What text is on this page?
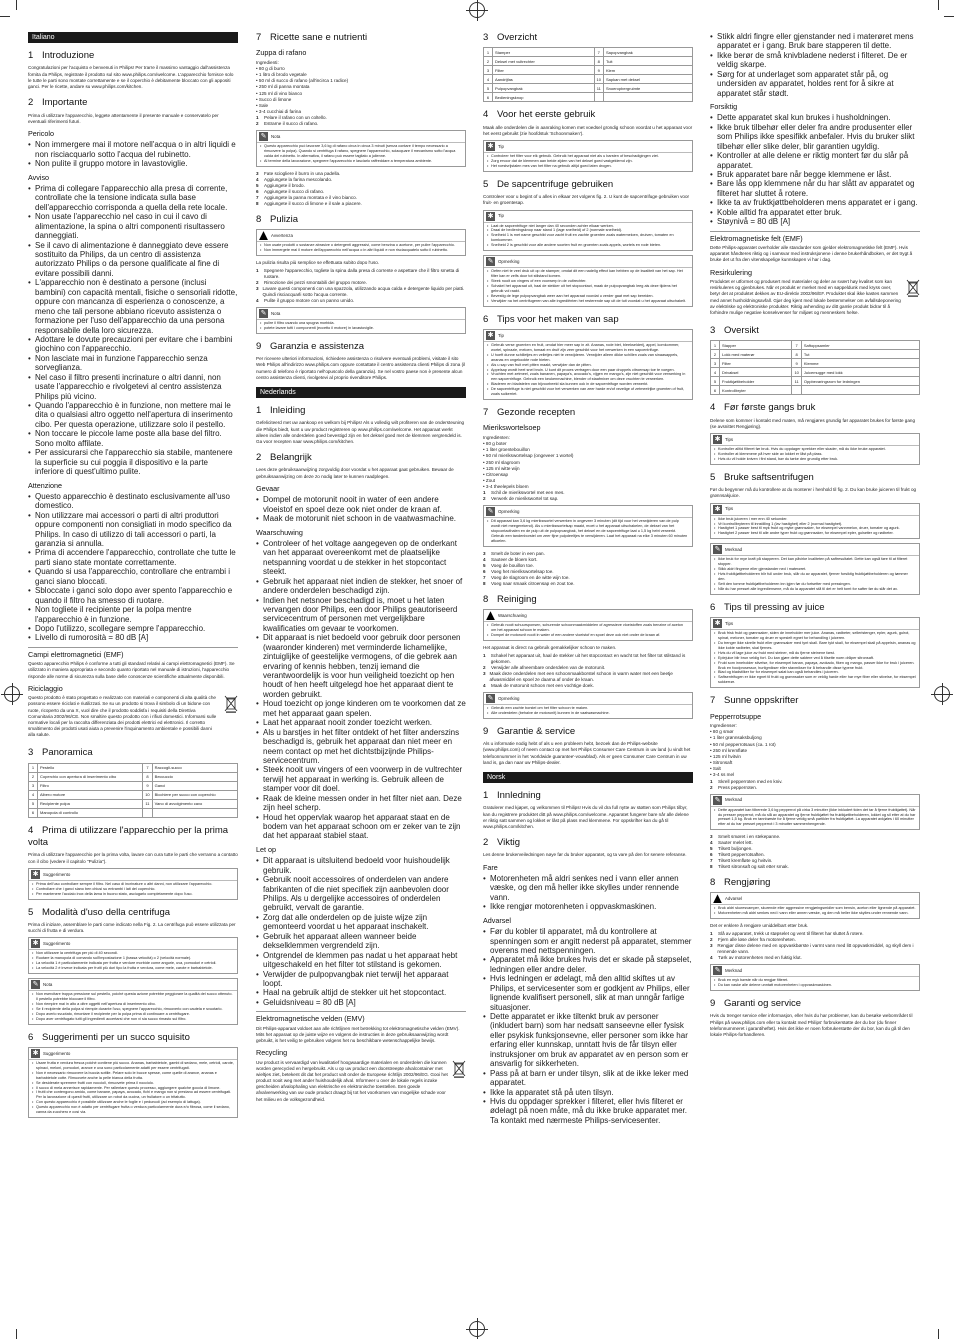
Italiano
1 Introduzione

Congratulazioni per l'acquisto e benvenuti in Philips! Per trarre il massimo vantaggio dall'assistenza fornita da Philips, registrate il prodotto sul sito www.philips.com/welcome. L'apparecchio fornisce solo le tutte le parti sono montate correttamente e se il coperchio è debitamente bloccato con gli appositi ganci. Per le ricette, andare su www.philips.com/kitchen.

2 Importante

Prima di utilizzare l'apparecchio, leggete attentamente il presente manuale e conservatelo per eventuali riferimenti futuri.

Pericolo
• Non immergere mai il motore nell'acqua o in altri liquidi e non risciacquarlo sotto l'acqua del rubinetto.
• Non pulite il gruppo motore in lavastoviglie.
Avviso
• Prima di collegare l'apparecchio alla presa di corrente, controllate che la tensione indicata sulla base dell'apparecchio corrisponda a quella della rete locale.
• Non usate l'apparecchio nel caso in cui il cavo di alimentazione, la spina o altri componenti risultassero danneggiati.
• Se il cavo di alimentazione è danneggiato deve essere sostituito da Philips, da un centro di assistenza autorizzato Philips o da persone qualificate al fine di evitare possibili danni.
• L'apparecchio non è destinato a persone (inclusi bambini) con capacità mentali, fisiche o sensoriali ridotte, oppure con mancanza di esperienza o conoscenze, a meno che tali persone abbiano ricevuto assistenza o formazione per l'uso dell'apparecchio da una persona responsabile della loro sicurezza.
• Adottare le dovute precauzioni per evitare che i bambini giochino con l'apparecchio.
• Non lasciate mai in funzione l'apparecchio senza sorveglianza.
• Nel caso il filtro presenti incrinature o altri danni, non usate l'apparecchio e rivolgetevi al centro assistenza Philips più vicino.
• Quando l'apparecchio è in funzione, non mettere mai le dita o qualsiasi altro oggetto nell'apertura di inserimento cibo. Per questa operazione, utilizzare solo il pestello.
• Non toccare le piccole lame poste alla base del filtro. Sono molto affilate.
• Per assicurarsi che l'apparecchio sia stabile, mantenere la superficie su cui poggia il dispositivo e la parte inferiore di quest'ultimo pulite.
Attenzione
• Questo apparecchio è destinato esclusivamente all'uso domestico.
• Non utilizzare mai accessori o parti di altri produttori oppure componenti non consigliati in modo specifico da Philips. In caso di utilizzo di tali accessori o parti, la garanzia si annulla.
• Prima di accendere l'apparecchio, controllate che tutte le parti siano state montate correttamente.
• Quando si usa l'apparecchio, controllare che entrambi i ganci siano bloccati.
• Sbloccate i ganci solo dopo aver spento l'apparecchio e quando il filtro ha smesso di ruotare.
• Non togliete il recipiente per la polpa mentre l'apparecchio è in funzione.
• Dopo l'utilizzo, scollegare sempre l'apparecchio.
• Livello di rumorosità = 80 dB [A]
Campi elettromagnetici (EMF)

Questo apparecchio Philips è conforme a tutti gli standard relativi ai campi elettromagnetici (EMF). Se utilizzato in maniera appropriata e secondo quanto riportato nel manuale di istruzioni, l'apparecchio risponde alle norme di sicurezza sulla base delle conoscenze scientifiche attualmente disponibili.

Riciclaggio

Questo prodotto è stato progettato e realizzato con materiali e componenti di alta qualità che possono essere riciclati e riutilizzati. Se su un prodotto si trova il simbolo di un bidone con ruote, ricoperto da una X, vuol dire che il prodotto soddisfa i requisiti della Direttiva Comunitaria 2002/96/CE. Non smaltire questo prodotto con i rifiuti domestici. Informarsi sulle normative locali per la raccolta differenziata dei prodotti elettrici ed elettronici. Il corretto smaltimento dei prodotti usati aiuta a prevenire l'inquinamento ambientale e possibili danni alla salute.

3 Panoramica
1	Pestello	7	Raccogli-succo
2	Coperchio con apertura di inserimento cibo	8	Beccuccio
3	Filtro	9	Ganci
4	Albero motore	10	Bicchiere per succo con coperchio
5	Recipiente polpa	11	Vano di avvolgimento cavo
6	Manopola di controllo		
4 Prima di utilizzare l'apparecchio per la prima volta

Prima di utilizzare l'apparecchio per la prima volta, lavare con cura tutte le parti che verranno a contatto con il cibo (vedere il capitolo "Pulizia").

✱	Suggerimento
• Prima dell'uso controllare sempre il filtro. Nel caso di incrinature o altri danni, non utilizzare l'apparecchio.
• Controllare che i ganci siano ben chiusi su entrambi i lati del coperchio.
• Per mantenere l'acciaio inox della lama in buono stato, asciugarlo completamente dopo l'uso.
5 Modalità d'uso della centrifuga

Prima di iniziare, assemblare le parti come indicato nella Fig. 2. La centrifuga può essere utilizzata per succhi di frutta e di verdura.

✱	Suggerimento
• Non utilizzare la centrifuga per più di 40 secondi.
• Ruotare la manopola di comando sull'impostazione 1 (bassa velocità) o 2 (velocità normale).
• La velocità 1 è particolarmente indicata per frutta e verdure morbide come angurie, uva, pomodori e cetrioli.
• La velocità 2 è invece indicata per frutti più duri tipo la frutta e verdura, come mele, carote e barbabietole.
✎	Nota
• Non esercitare troppa pressione sul pestello, poiché questa azione potrebbe peggiorare la qualità del succo ottenuto. Il pestello potrebbe bloccare il filtro.
• Non riempire mai in alto a oltre oggetti nell'apertura di inserimento cibo.
• Se il recipiente della polpa si riempie durante l'uso, spegnere l'apparecchio, rimuoverlo con cautela e svuotarlo.
• Dopo averlo svuotato, rimontare il recipiente per la polpa prima di continuare a centrifugare.
• Dopo aver centrifugato tutti gli ingredienti accertarsi che non vi sia succo rimasto sul filtro.
6 Suggerimenti per un succo squisito
✱	Suggerimento
• Usare frutta e verdura fresca poiché contiene più succo. Ananas, barbabietole, gambi di sedano, mele, cetrioli, carote, spinaci, meloni, pomodori, arance e uva sono particolarmente adatti per essere centrifugati.
• Non è necessario rimuovere la buccia sottile. Pelare solo le bucce spesse, come quelle di arance, ananas e barbabietole cotte. Rimuovete anche la pelle bianca della frutta.
• Se desiderate spremere frutti con noccioli, rimuovete prima il nocciolo.
• Il succo di mela annerisce rapidamente. Per rallentare questo processo, aggiungere qualche goccia di limone.
• I frutti che contengono amido, come banane, papaya, avocado, fichi e mango non si prestano ad essere centrifugati. Per la lavorazione di questi frutti, utilizzare un robot da cucina, un frullatore o un tritatutto.
• Con questo apparecchio è possibile utilizzare anche le foglie e i peduncoli (ad esempio di lattuga).
• Questo apparecchio non è adatto per centrifugare frutta o verdura particolarmente dura e/o fibrosa, come il sedano, canna da zucchero e così via.
7 Ricette sane e nutrienti
Zuppa di rafano

Ingredienti:

• 80 g di burro

• 1 litro di brodo vegetale

• 50 ml di succo di rafano (all'incirca 1 radice)

• 250 ml di panna montata

• 125 ml di vino bianco

• Succo di limone

• Sale

• 3-4 cucchiai di farina

1	Pelare il rafano con un coltello.
2	Estrarne il succo di rafano.
✎	Nota
• Questo apparecchio può lavorare 3,6 kg di rafano circa in cinca 3 minuti (senza contare il tempo necessario a rimuovere la polpa). Quando si centrifuga il rafano, spegnere l'apparecchio, sciacquare il mecanismo sotto l'acqua calda del rubinetto. In alternativa, il rafano può essere tagliato a julienne.
• Al termine della lavorazione, spegnere l'apparecchio e lasciarlo raffreddare a temperatura ambiente.
3	Fate sciogliere il burro in una padella.
4	Aggiungete la farina mescolando.
5	Aggiungete il brodo.
6	Aggiungete il succo di rafano.
7	Aggiungete la panna montata e il vino bianco.
8	Aggiungete il succo di limone e il sale a piacere.
8 Pulizia
Avvertenza
• Non usate prodotti o sostanze abrasive o detergenti aggressivi, come benzina o acetone, per pulire l'apparecchio.
• Non immergete mai il motore dell'apparecchio nell'acqua o in altri liquidi e non risciacquatelo sotto il rubinetto.

La pulizia risulta più semplice se effettuata subito dopo l'uso.

1	Spegnere l'apparecchio, togliete la spina dalla presa di corrente e aspettare che il filtro smetta di ruotare.
2	Rimozione dei pezzi smontabili del gruppo motore.
3 Lavare questi componenti con una spazzola, utilizzando acqua calda e detergente liquido per piatti. Quindi risciacquarli sotto l'acqua corrente.
4	Pulite il gruppo motore con un panno umido.
✎	Nota
• pulire il filtro usando una spugna morbida.
• potete lavare tutti i componenti (eccetto il motore) in lavastoviglie.
9 Garanzia e assistenza

Per ricevere ulteriori informazioni, richiedere assistenza o risolvere eventuali problemi, visitate il sito Web Philips all'indirizzo www.philips.com oppure contattate il centro assistenza clienti Philips di zona (il numero di telefono è riportato nell'opuscolo della garanzia). Se nel vostro paese non è presente alcun centro assistenza clienti, rivolgetevi al proprio rivenditore Philips.

Nederlands
1 Inleiding

Gefeliciteerd met uw aankoop en welkom bij Philips! Als u volledig wilt profiteren van de ondersteuning die Philips biedt, kunt u uw product registreren op www.philips.com/welcome. Het apparaat werkt alleen indien alle onderdelen goed bevestigd zijn en het deksel goed met de klemmen vergrendeld is. Ga voor recepten naar www.philips.com/kitchen.

2 Belangrijk

Lees deze gebruiksaanwijzing zorgvuldig door voordat u het apparaat gaat gebruiken. Bewaar de gebruiksaanwijzing om deze zo nodig later te kunnen raadplegen.

Gevaar
• Dompel de motorunit nooit in water of een andere vloeistof en spoel deze ook niet onder de kraan af.
• Maak de motorunit niet schoon in de vaatwasmachine.
Waarschuwing
• Controleer of het voltage aangegeven op de onderkant van het apparaat overeenkomt met de plaatselijke netspanning voordat u de stekker in het stopcontact steekt.
• Gebruik het apparaat niet indien de stekker, het snoer of andere onderdelen beschadigd zijn.
• Indien het netsnoer beschadigd is, moet u het laten vervangen door Philips, een door Philips geautoriseerd servicecentrum of personen met vergelijkbare kwalificaties om gevaar te voorkomen.
• Dit apparaat is niet bedoeld voor gebruik door personen (waaronder kinderen) met verminderde lichamelijke, zintuiglijke of geestelijke vermogens, of die gebrek aan ervaring of kennis hebben, tenzij iemand die verantwoordelijk is voor hun veiligheid toezicht op hen houdt of hen heeft uitgelegd hoe het apparaat dient te worden gebruikt.
• Houd toezicht op jonge kinderen om te voorkomen dat ze met het apparaat gaan spelen.
• Laat het apparaat nooit zonder toezicht werken.
• Als u barstjes in het filter ontdekt of het filter anderszins beschadigd is, gebruik het apparaat dan niet meer en neem contact op met het dichtstbijzijnde Philips-servicecentrum.
• Steek nooit uw vingers of een voorwerp in de vultrechter terwijl het apparaat in werking is. Gebruik alleen de stamper voor dit doel.
• Raak de kleine messen onder in het filter niet aan. Deze zijn heel scherp.
• Houd het oppervlak waarop het apparaat staat en de bodem van het apparaat schoon om er zeker van te zijn dat het apparaat stabiel staat.
Let op
• Dit apparaat is uitsluitend bedoeld voor huishoudelijk gebruik.
• Gebruik nooit accessoires of onderdelen van andere fabrikanten of die niet specifiek zijn aanbevolen door Philips. Als u dergelijke accessoires of onderdelen gebruikt, vervalt de garantie.
• Zorg dat alle onderdelen op de juiste wijze zijn gemonteerd voordat u het apparaat inschakelt.
• Gebruik het apparaat alleen wanneer beide dekselklemmen vergrendeld zijn.
• Ontgrendel de klemmen pas nadat u het apparaat hebt uitgeschakeld en het filter tot stilstand is gekomen.
• Verwijder de pulpopvangbak niet terwijl het apparaat loopt.
• Haal na gebruik altijd de stekker uit het stopcontact.
• Geluidsniveau = 80 dB [A]
Elektromagnetische velden (EMV)

Dit Philips-apparaat voldoet aan alle richtlijnen met betrekking tot elektromagnetische velden (EMV). Mits het apparaat op de juiste wijze en volgens de instructies in deze gebruiksaanwijzing wordt gebruikt, is het veilig te gebruiken volgens het nu beschikbare wetenschappelijke bewijs.

Recycling

Uw product is vervaardigd van kwalitatief hoogwaardige materialen en onderdelen die kunnen worden gerecycled en hergebruikt. Als u op uw product een doorstreepte afvalcontainer met wieltjes ziet, betekent dit dat het product valt onder de Europese richtlijn 2002/96/EG. Gooi het product nooit weg met ander huishoudelijk afval. Informeer u over de lokale regels inzake gescheiden afvalophaling van elektrische en elektronische toestellen. Een goede afvalverwerking van uw oude product draagt bij tot het voorkomen van mogelijke schade voor het milieu en de volksgezondheid.

3 Overzicht
1	Stamper	7	Sapopvangbak
2	Deksel met vultrechter	8	Tuit
3	Filter	9	Klem
4	Aandrijfas	10	Sapkan met deksel
5	Pulpopvangbak	11	Snoeropbergruimte
6	Bedieningsknop		
4 Voor het eerste gebruik

Maak alle onderdelen die in aanraking komen met voedsel grondig schoon voordat u het apparaat voor het eerst gebruikt (zie hoofdstuk 'Schoonmaken').

✱	Tip
• Controleer het filter voor elk gebruik. Gebruik het apparaat niet als u barsten of beschadigingen ziet.
• Zorg ervoor dat de klemmen aan beide zijden van het deksel goed vastgeklemd zijn.
• Het roestvrijstalen mes van het filter na gebruik altijd goed laten drogen.
5 De sapcentrifuge gebruiken

Controleer voor u begint of u alles in elkaar zet volgens fig. 2. U kunt de sapcentrifuge gebruiken voor fruit- en groentesap.

✱	Tip
• Laat de sapcentrifuge niet langer dan 40 seconden achter elkaar werken.
• Draai de bedieningsknop naar stand 1 (lage snelheid) of 2 (normale snelheid).
• Snelheid 1 is met name geschikt voor zacht fruit en zachte groenten zoals watermeloen, druiven, tomaten en komkommer.
• Snelheid 2 is geschikt voor alle andere soorten fruit en groenten zoals appels, wortels en rode bieten.
✎	Opmerking
• Oefen niet te veel druk uit op de stamper, omdat dit een nadelig effect kan hebben op de kwaliteit van het sap. Het filter kan er zelfs door tot stilstand komen.
• Steek nooit uw vingers of een voorwerp in de vultrechter.
• Schakel het apparaat uit, haal de stekker uit het stopcontact, maak de pulpopvangbak leeg als deze tijdens het gebruik vol raakt.
• Bevestig de lege pulpopvangbak weer aan het apparaat voordat u verder gaat met sap bereiden.
• Verwijder na het centrifugeren van alle ingrediënten het resterende sap uit de tuit voordat u het apparaat uitschakelt.
6 Tips voor het maken van sap
✱	Tip
• Gebruik verse groenten en fruit, omdat hier meer sap in zit. Ananas, rode biet, bleekselderij, appel, komkommer, wortel, spinazie, meloen, tomaat en druif zijn zeer geschikt voor het verwerken in een sapcentrifuge.
• U hoeft dunne schilletjes en velletjes niet te verwijderen. Verwijder alleen dikke schillen zoals van sinaasappels, ananas en ongekookte rode bieten.
• Als u sap van fruit met pitten maakt, verwijder dan de pitten.
• Appelsap wordt heel snel bruin. U kunt dit proces vertragen door een paar druppels citroensap toe te voegen.
• Vruchten met zetmeel, zoals bananen, papaya's, avocado's, vijgen en mango's, zijn niet geschikt voor verwerking in een sapcentrifuge. Gebruik een keukenmachine, blender of staafmixer om deze vruchten te verwerken.
• Bladeren en bladstelen van bijvoorbeeld sla kunnen ook in de sapcentrifuge worden verwerkt.
• De sapcentrifuge is niet geschikt voor het verwerken van zeer harde en/of vezelige of zetmeelrijke groenten of fruit, zoals suikerriet.
7 Gezonde recepten
Mierikswortelsoep

Ingrediënten:

• 80 g boter

• 1 liter groentebouillon

• 50 ml mierikswortelsap (ongeveer 1 wortel)

• 250 ml slagroom

• 125 ml witte wijn

• Citroensap

• Zout

• 3-4 theelepels bloem

1	Schil de mierikswortel met een mes.
2	Verwerk de mierikswortel tot sap.
✎	Opmerking
• Dit apparaat kan 3,6 kg mierikswortel verwerken in ongeveer 3 minuten (dit tijd voor het verwijderen van de pulp wordt niet meegerekend). Als u mierikswortelsap maakt, moet u het apparaat uitschakelen, de deksel van het stopcontacthalen en de pulp uit de pulpopvangbak, het deksel en de sapcentrifuge laat u 1,5 kg hebt verwerkt. Gebruik een tandenborstel om zeer fijne pulpdeeltjes te verwijderen. Laat het apparaat na elke 3 minuten 60 minuten afkoelen.
3	Smelt de boter in een pan.
4	Sauteer de bloem kort.
5	Voeg de bouillon toe.
6	Voeg het mierikswortelsap toe.
7	Voeg de slagroom en de witte wijn toe.
8	Voeg naar smaak citroensap en zout toe.
8 Reiniging
Waarschuwing
• Gebruik nooit schuursponsen, schurende schoonmaakmiddelen of agressieve vloeistoffen zoals benzine of aceton om het apparaat schoon te maken.
• Dompel de motorunit nooit in water of een andere vloeistof en spoel deze ook niet onder de kraan af.

Het apparaat is direct na gebruik gemakkelijker schoon te maken.

1	Schakel het apparaat uit, haal de stekker uit het stopcontact en wacht tot het filter tot stilstand is gekomen.
2	Verwijder alle afneembare onderdelen van de motorunit.
3 Maak deze onderdelen met een schoonmaakborstel schoon in warm water met een beetje afwasmiddel en spoel ze daarna af onder de kraan.
4	Maak de motorunit schoon met een vochtige doek.
✎	Opmerking
• Gebruik een zachte borstel om het filter schoon te maken.
• Alle onderdelen (behalve de motorunit) kunnen in de vaatwasmachine.
9 Garantie & service

Als u informatie nodig hebt of als u een probleem hebt, bezoek dan de Philips-website (www.philips.com) of neem contact op met het Philips Consumer Care Centrum in uw land (u vindt het telefoonnummer in het 'worldwide guarantee'-vouwblad). Als er geen Consumer Care Centrum in uw land is, ga dan naar uw Philips-dealer.

Norsk
1 Innledning

Gratulerer med kjøpet, og velkommen til Philips! Hvis du vil dra full nytte av støtten som Philips tilbyr, kan du registrere produktet ditt på www.philips.com/welcome. Apparatet fungerer bare når alle delene er riktig satt sammen og lokket er låst på plass med klemmene. For oppskrifter kan du gå til www.philips.com/kitchen.

2 Viktig

Les denne brukerveiledningen nøye før du bruker apparatet, og ta vare på den for senere referanse.

Fare
• Motorenheten må aldri senkes ned i vann eller annen væske, og den må heller ikke skylles under rennende vann.
• Ikke rengjør motorenheten i oppvaskmaskinen.
Advarsel
• Før du kobler til apparatet, må du kontrollere at spenningen som er angitt nederst på apparatet, stemmer overens med nettspenningen.
• Apparatet må ikke brukes hvis det er skade på støpselet, ledningen eller andre deler.
• Hvis ledningen er ødelagt, må den alltid skiftes ut av Philips, et servicesenter som er godkjent av Philips, eller lignende kvalifisert personell, slik at man unngår farlige situasjoner.
• Dette apparatet er ikke tiltenkt bruk av personer (inkludert barn) som har nedsatt sanseevne eller fysisk eller psykisk funksjonsevne, eller personer som ikke har erfaring eller kunnskap, unntatt hvis de får tilsyn eller instruksjoner om bruk av apparatet av en person som er ansvarlig for sikkerheten.
• Pass på at barn er under tilsyn, slik at de ikke leker med apparatet.
• Ikke la apparatet stå på uten tilsyn.
• Hvis du oppdager sprekker i filteret, eller hvis filteret er ødelagt på noen måte, må du ikke bruke apparatet mer. Ta kontakt med nærmeste Philips-servicesenter.
• Stikk aldri fingre eller gjenstander ned i materøret mens apparatet er i gang. Bruk bare stapperen til dette.
• Ikke berør de små knivbladene nederst i filteret. De er veldig skarpe.
• Sørg for at underlaget som apparatet står på, og undersiden av apparatet, holdes rent for å sikre at apparatet står stødt.
Forsiktig
• Dette apparatet skal kun brukes i husholdningen.
• Ikke bruk tilbehør eller deler fra andre produsenter eller som Philips ikke spesifikk anbefaler. Hvis du bruker slikt tilbehør eller slike deler, blir garantien ugyldig.
• Kontroller at alle delene er riktig montert før du slår på apparatet.
• Bruk apparatet bare når begge klemmene er låst.
• Bare lås opp klemmene når du har slått av apparatet og filteret har sluttet å rotere.
• Ikke ta av fruktkjøttbeholderen mens apparatet er i gang.
• Koble alltid fra apparatet etter bruk.
• Støynivå = 80 dB [A]
Elektromagnetiske felt (EMF)

Dette Philips-apparatet overholder alle standarder som gjelder elektromagnetiske felt (EMF). Hvis apparatet håndteres riktig og i samsvar med instruksjonene i denne brukerhåndboken, er det trygt å bruke det ut fra den vitenskapelige kunnskapen vi har i dag.

Resirkulering

Produktet er utformet og produsert med materialer og deler av svært høy kvalitet som kan resirkuleres og gjenbrukes. Når et produkt er merket med en søppeldunk med kryss over, betyr det at produktet dekkes av EU-direktiv 2002/96/EF. Produktet skal ikke kastes sammen med annet husholdningsavfall. Gjør deg kjent med lokale bestemmelser om avfallsdeponering av elektriske og elektroniske produkter. Riktig avhending av ditt gamle produkt bidrar til å forhindre mulige negative konsekvenser for miljøet og menneskers helse.

3 Oversikt
1	Stapper	7	Saftoppsamler
2	Lokk med materør	8	Tut
3	Filter	9	Klemme
4	Drivaksel	10	Juicemugge med lokk
5	Fruktkjøttbeholder	11	Oppbevaringsrom for ledningen
6	Kontrollbryter		
4 Før første gangs bruk

Delene som kommer i kontakt med maten, må rengjøres grundig før apparatet brukes for første gang (se avsnittet Rengjøring).

✱	Tips
• Kontroller alltid filteret før bruk. Hvis du oppdager sprekker eller skader, må du ikke bruke apparatet.
• Kontroller at klemmene på hver side av lokket er låst på plass.
• Hvis du vil holde kniven i fint stand, bør du tørke den grundig etter bruk.
5 Bruke saftsentrifugen

Før du begynner må du kontrollere at du monterer i henhold til fig. 2. Du kan bruke juiceren til frukt og grønnsakjuice.

✱	Tips
• Ikke bruk juiceren i mer enn 40 sekunder.
• Vri kontrollbryteren til innstilling 1 (lav hastighet) eller 2 (normal hastighet).
• Hastighet 1 passer best til myk frukt og myke grønnsaker, for eksempel vannmelon, druer, tomater og agurk.
• Hastighet 2 passer best til alle andre typer frukt og grønnsaker, for eksempel epler, gulrøtter og rødbeter.
✎	Merknad
• Ikke bruk for mye kraft på stapperen. Det kan påvirke kvaliteten på saftresultatet. Dette kan også føre til at filteret stopper.
• Stikk aldri fingrene eller gjenstander ned i materøret.
• Hvis fruktkjøttbeholderen blir full under bruk, slår du av apparatet, fjerner forsiktig fruktkjøttbeholderen og tømmer den.
• Sett den tomme fruktkjøttbeholderen inn igjen før du fortsetter med pressingen.
• Når du har presset alle ingrediensene, må du la apparatet stå til det er helt tomt for safter før du slår det av.
6 Tips til pressing av juice
✱	Tips
• Bruk frisk frukt og grønnsaker, siden de inneholder mer juice. Ananas, rødbeter, selleristenger, epler, agurk, gulrot, spinat, meloner, tomater og druer er spesielt egnet for behandling i juiceren.
• Du trenger ikke skrelle frukt eller grønnsaker med tynt skall. Bare tykt skall, for eksempel skall på appelsin, ananas og ikke kokte rødbeter, skal fjernes.
• Hvis du vil lage juice av frukt med steiner, må du fjerne steinene først.
• Eplejuice blir brun veldig fort. Du kan gjøre dette saktere ved å tilsette noen dråper sitronsaft.
• Frukt som inneholder stivelse, for eksempel banan, papaya, avokado, fiken og mango, passer ikke for bruk i juiceren. Bruk en foodprosessor, hurtigmikser eller stavmikser for å behandle disse typene frukt.
• Blad og bladstilker for for eksempel salat kan også behandles i juiceren.
• Saftsentrifugen er ikke egnet til frukt og grønnsaker som er veldig harde eller har mye fiber eller stivelse, for eksempel sukkerrør.
7 Sunne oppskrifter
Pepperrotsuppe

Ingredienser:

• 80 g smør

• 1 liter grønnsaksbuljong

• 50 ml pepperrotsaus (ca. 1 rot)

• 250 ml kremfløte

• 125 ml hvitvin

• Sitronsaft

• Salt

• 3-4 ss mel

1	Skrell pepperroten med en kniv.
2	Press pepperroten.
✎	Merknad
• Dette apparatet kan tilberede 3,6 kg pepperrot på cirka 3 minutter (ikke inkludert tiden det tar å fjerne fruktkjøttet). Når du presser pepperrot, må du slå av apparatet og fjerne fruktkjøttet fra fruktkjøttbeholderen, lokket og sil etter at du har presset 1,5 kg. Bruk en tannbørste for å fjerne veldig små partikler fra fruktkjøttet. La apparatet avkjøles i 60 minutter etter at du har presset pepperrot i 3 minutter sammenhengende.
3	Smelt smøret i en stekepanne.
4	Sauter melet lett.
5	Tilsett buljongen.
6	Tilsett pepperrotsaften.
7	Tilsett kremfløte og hvitvin.
8	Tilsett sitronsaft og salt etter smak.
8 Rengjøring
Advarsel
• Bruk aldri skuresvamper, skurende eller aggressive rengjøringsmidler som bensin, aceton eller lignende på apparatet.
• Motorenheten må aldri senkes ned i vann eller annen væske, og den må heller ikke skylles under rennende vann.

Det er enklere å rengjøre umiddelbart etter bruk.

1	Slå av apparatet, trekk ut støpselet og vent til filteret har sluttet å rotere.
2	Fjern alle løse deler fra motorenheten.
3	Rengjør disse delene med en oppvaskbørste i varmt vann med litt oppvaskmiddel, og skyll dem i rennende vann.
4	Tørk av motorenheten med en fuktig klut.
✎	Merknad
• Bruk en myk børste når du rengjør filteret.
• Du kan vaske alle delene unntatt motorenheten i oppvaskmaskinen.
9 Garanti og service

Hvis du trenger service eller informasjon, eller hvis du har problemer, kan du besøke webområdet til Philips på www.philips.com eller ta kontakt med Philips' forbrukerstøtte der du bor (du finner telefonnummeret i garantiheftet). Hvis det ikke er noen forbrukerstøtte der du bor, kan du gå til den lokale Philips-forhandleren.
